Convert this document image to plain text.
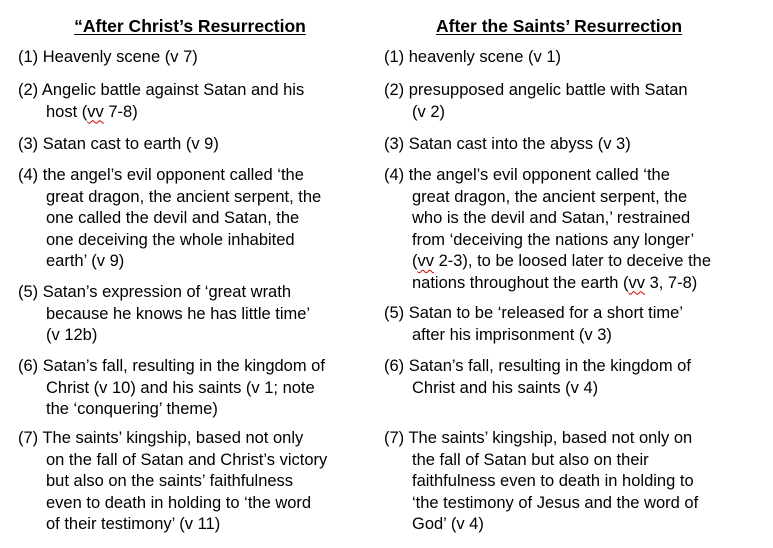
“After Christ’s Resurrection
(1) Heavenly scene (v 7)
(2) Angelic battle against Satan and his
host (vv 7-8)
(3) Satan cast to earth (v 9)
(4) the angel’s evil opponent called ‘the
great dragon, the ancient serpent, the
one called the devil and Satan, the
one deceiving the whole inhabited
earth’ (v 9)
(5) Satan’s expression of ‘great wrath
because he knows he has little time’
(v 12b)
(6) Satan’s fall, resulting in the kingdom of
Christ (v 10) and his saints (v 1; note
the ‘conquering’ theme)
(7) The saints’ kingship, based not only
on the fall of Satan and Christ’s victory
but also on the saints’ faithfulness
even to death in holding to ‘the word
of their testimony’ (v 11)
After the Saints’ Resurrection
(1) heavenly scene (v 1)
(2) presupposed angelic battle with Satan
(v 2)
(3) Satan cast into the abyss (v 3)
(4) the angel’s evil opponent called ‘the
great dragon, the ancient serpent, the
who is the devil and Satan,’ restrained
from ‘deceiving the nations any longer’
(vv 2-3), to be loosed later to deceive the
nations throughout the earth (vv 3, 7-8)
(5) Satan to be ‘released for a short time’
after his imprisonment (v 3)
(6) Satan’s fall, resulting in the kingdom of
Christ and his saints (v 4)
(7) The saints’ kingship, based not only on
the fall of Satan but also on their
faithfulness even to death in holding to
‘the testimony of Jesus and the word of
God’ (v 4)
